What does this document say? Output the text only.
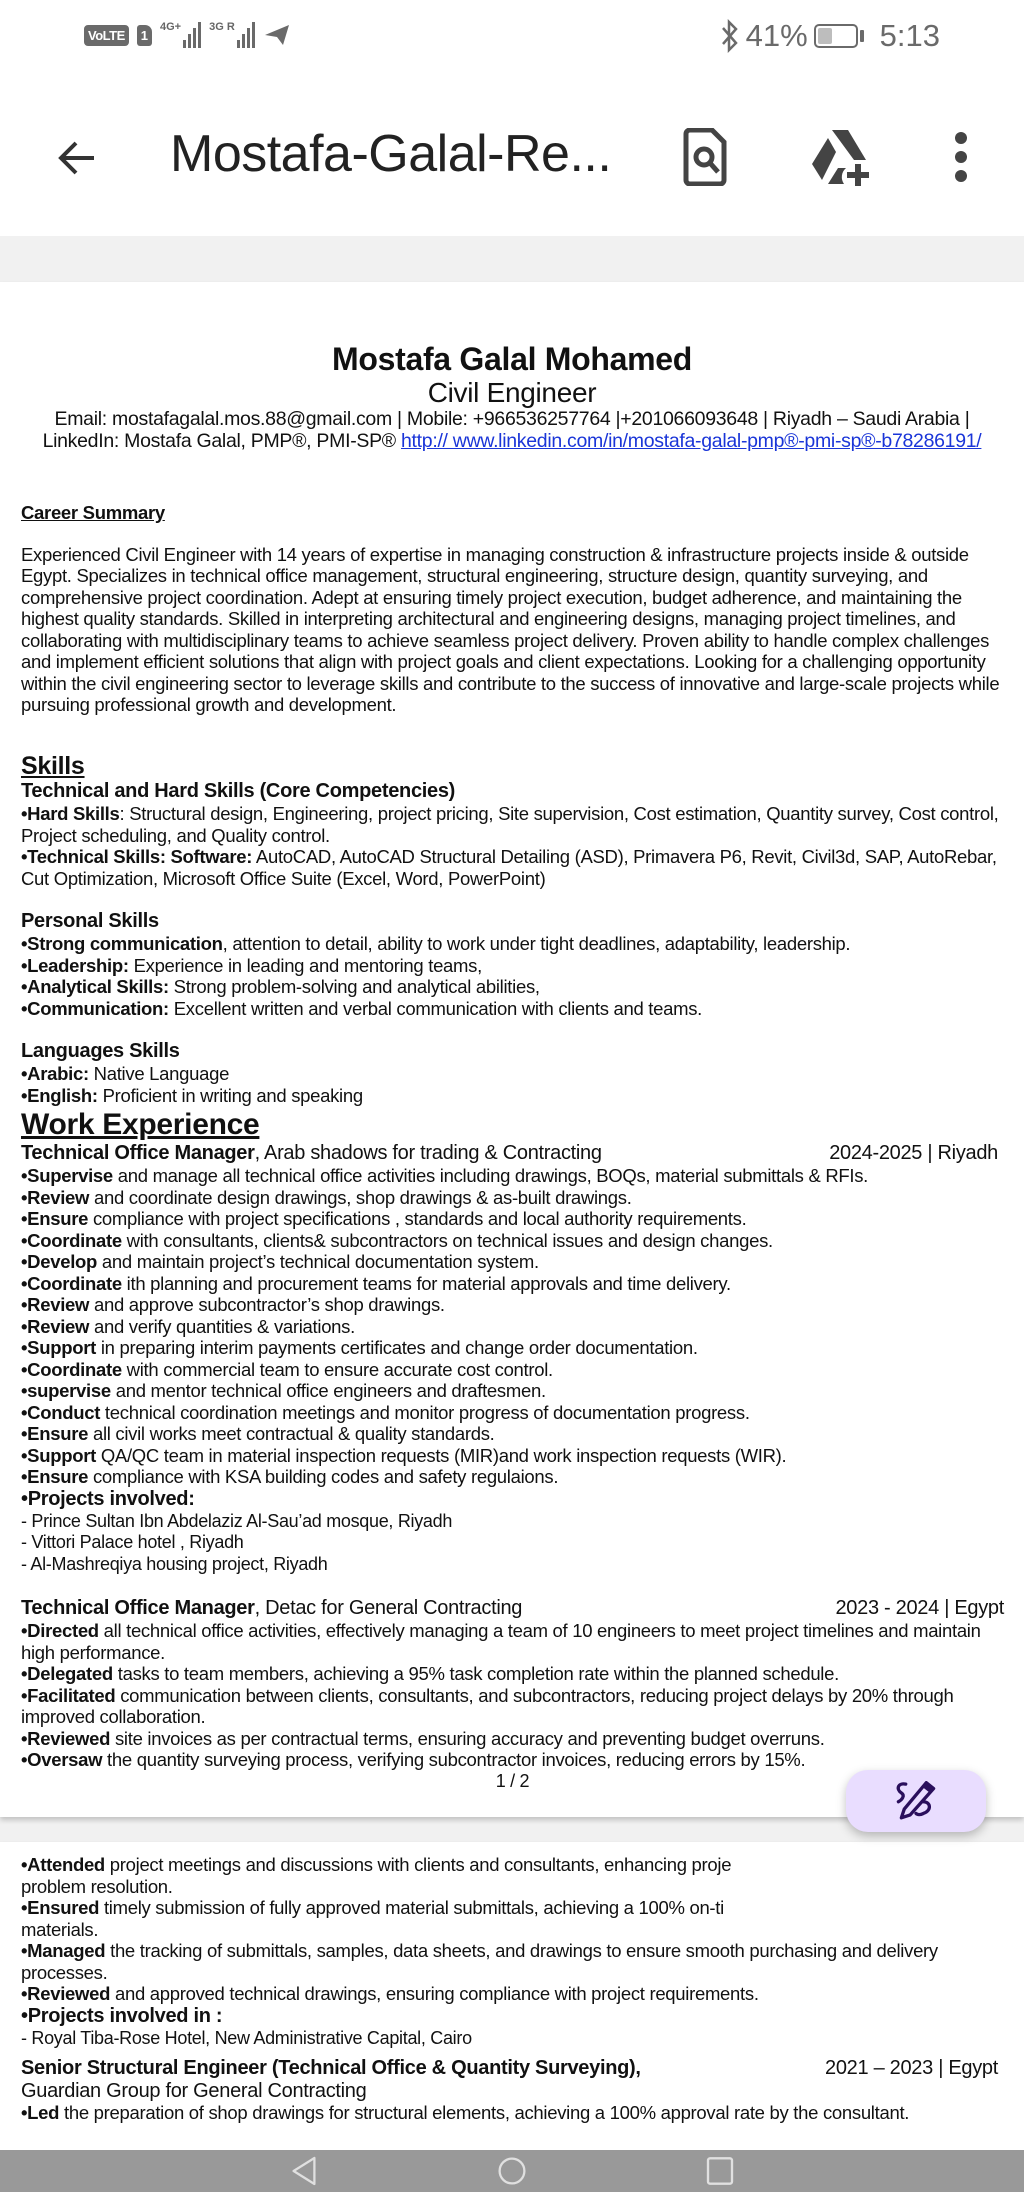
VoLTE	1
4G+	3G R	41% 5:13
Mostafa-Galal-Re...
Mostafa Galal Mohamed
Civil Engineer
Email: mostafagalal.mos.88@gmail.com | Mobile: +966536257764 |+201066093648 | Riyadh – Saudi Arabia | LinkedIn: Mostafa Galal, PMP®, PMI-SP® http:// www.linkedin.com/in/mostafa-galal-pmp®-pmi-sp®-b78286191/
Career Summary
Experienced Civil Engineer with 14 years of expertise in managing construction & infrastructure projects inside & outside Egypt. Specializes in technical office management, structural engineering, structure design, quantity surveying, and comprehensive project coordination. Adept at ensuring timely project execution, budget adherence, and maintaining the highest quality standards. Skilled in interpreting architectural and engineering designs, managing project timelines, and collaborating with multidisciplinary teams to achieve seamless project delivery. Proven ability to handle complex challenges and implement efficient solutions that align with project goals and client expectations. Looking for a challenging opportunity within the civil engineering sector to leverage skills and contribute to the success of innovative and large-scale projects while pursuing professional growth and development.
Skills
Technical and Hard Skills (Core Competencies)
•Hard Skills: Structural design, Engineering, project pricing, Site supervision, Cost estimation, Quantity survey, Cost control, Project scheduling, and Quality control.
•Technical Skills: Software: AutoCAD, AutoCAD Structural Detailing (ASD), Primavera P6, Revit, Civil3d, SAP, AutoRebar, Cut Optimization, Microsoft Office Suite (Excel, Word, PowerPoint)
Personal Skills
•Strong communication, attention to detail, ability to work under tight deadlines, adaptability, leadership.
•Leadership: Experience in leading and mentoring teams,
•Analytical Skills: Strong problem-solving and analytical abilities,
•Communication: Excellent written and verbal communication with clients and teams.
Languages Skills
•Arabic: Native Language
•English: Proficient in writing and speaking
Work Experience
Technical Office Manager, Arab shadows for trading & Contracting	2024-2025 | Riyadh
•Supervise and manage all technical office activities including drawings, BOQs, material submittals & RFIs.
•Review and coordinate design drawings, shop drawings & as-built drawings.
•Ensure compliance with project specifications , standards and local authority requirements.
•Coordinate with consultants, clients& subcontractors on technical issues and design changes.
•Develop and maintain project’s technical documentation system.
•Coordinate ith planning and procurement teams for material approvals and time delivery.
•Review and approve subcontractor’s shop drawings.
•Review and verify quantities & variations.
•Support in preparing interim payments certificates and change order documentation.
•Coordinate with commercial team to ensure accurate cost control.
•supervise and mentor technical office engineers and draftesmen.
•Conduct technical coordination meetings and monitor progress of documentation progress.
•Ensure all civil works meet contractual & quality standards.
•Support QA/QC team in material inspection requests (MIR)and work inspection requests (WIR).
•Ensure compliance with KSA building codes and safety regulaions.
•Projects involved:
- Prince Sultan Ibn Abdelaziz Al-Sau’ad mosque, Riyadh
- Vittori Palace hotel , Riyadh
- Al-Mashreqiya housing project, Riyadh
Technical Office Manager, Detac for General Contracting	2023 - 2024 | Egypt
•Directed all technical office activities, effectively managing a team of 10 engineers to meet project timelines and maintain high performance.
•Delegated tasks to team members, achieving a 95% task completion rate within the planned schedule.
•Facilitated communication between clients, consultants, and subcontractors, reducing project delays by 20% through improved collaboration.
•Reviewed site invoices as per contractual terms, ensuring accuracy and preventing budget overruns.
•Oversaw the quantity surveying process, verifying subcontractor invoices, reducing errors by 15%.
1 / 2
•Attended project meetings and discussions with clients and consultants, enhancing proje
problem resolution.
•Ensured timely submission of fully approved material submittals, achieving a 100% on-ti
materials.
•Managed the tracking of submittals, samples, data sheets, and drawings to ensure smooth purchasing and delivery processes.
•Reviewed and approved technical drawings, ensuring compliance with project requirements.
•Projects involved in :
- Royal Tiba-Rose Hotel, New Administrative Capital, Cairo
Senior Structural Engineer (Technical Office & Quantity Surveying),	2021 – 2023 | Egypt
Guardian Group for General Contracting
•Led the preparation of shop drawings for structural elements, achieving a 100% approval rate by the consultant.
